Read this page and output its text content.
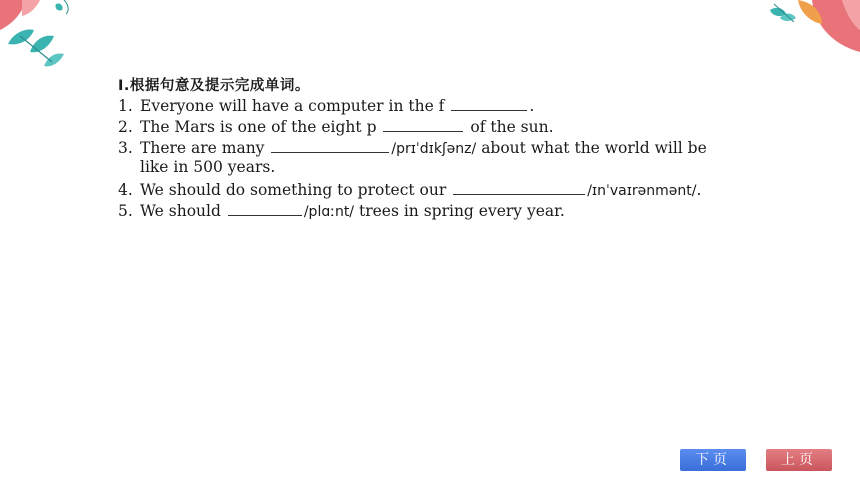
Ⅰ.根据句意及提示完成单词。
1. Everyone will have a computer in the f	.
2. The Mars is one of the eight p	of the sun.
3. There are many	/prɪˈdɪkʃənz/ about what the world will be
like in 500 years.
4. We should do something to protect our	/ɪnˈvaɪrənmənt/.
5. We should	/plɑːnt/ trees in spring every year.
下页	上页
